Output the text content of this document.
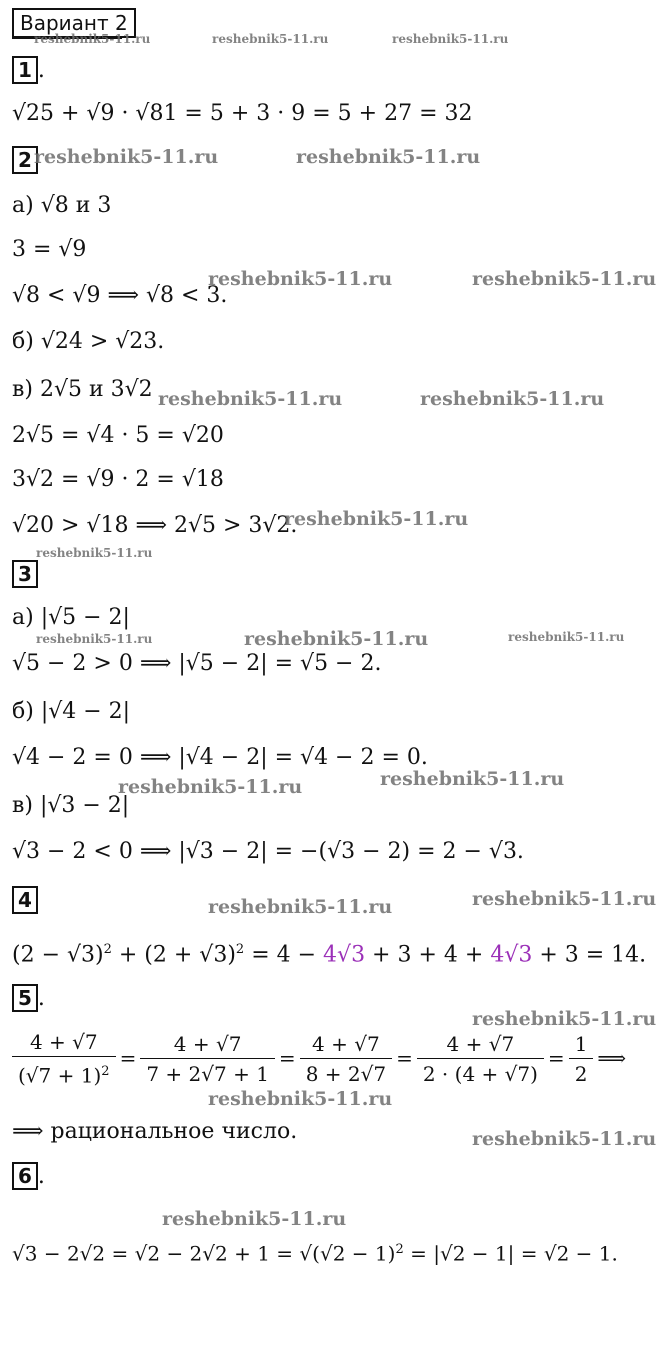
Вариант 2
1 .
√25 + √9 · √81 = 5 + 3 · 9 = 5 + 27 = 32
2
а) √8 и 3
3 = √9
√8 < √9 ⟹ √8 < 3.
б) √24 > √23.
в) 2√5 и 3√2
2√5 = √4 · 5 = √20
3√2 = √9 · 2 = √18
√20 > √18 ⟹ 2√5 > 3√2.
3
а) |√5 − 2|
√5 − 2 > 0 ⟹ |√5 − 2| = √5 − 2.
б) |√4 − 2|
√4 − 2 = 0 ⟹ |√4 − 2| = √4 − 2 = 0.
в) |√3 − 2|
√3 − 2 < 0 ⟹ |√3 − 2| = −(√3 − 2) = 2 − √3.
4
$(2 - √3)^2 + (2 + √3)^2 = 4 - 4√3 + 3 + 4 + 4√3 + 3 = 14$.
5 .
$\frac{4 + √7}{(√7 + 1)^2} = \frac{4 + √7}{7 + 2√7 + 1} = \frac{4 + √7}{8 + 2√7} = \frac{4 + √7}{2 \cdot (4 + √7)} = \frac{1}{2}$ ⟹
⟹ рациональное число.
6 .
$√3 - 2√2 = √2 - 2√2 + 1 = √(√2 - 1)^2 = |√2 - 1| = √2 - 1$.
reshebnik5-11.ru	reshebnik5-11.ru	reshebnik5-11.ru
reshebnik5-11.ru	reshebnik5-11.ru
reshebnik5-11.ru	reshebnik5-11.ru
reshebnik5-11.ru	reshebnik5-11.ru
reshebnik5-11.ru
reshebnik5-11.ru
reshebnik5-11.ru	reshebnik5-11.ru	reshebnik5-11.ru
reshebnik5-11.ru
reshebnik5-11.ru
reshebnik5-11.ru
reshebnik5-11.ru
reshebnik5-11.ru
reshebnik5-11.ru
reshebnik5-11.ru
reshebnik5-11.ru
